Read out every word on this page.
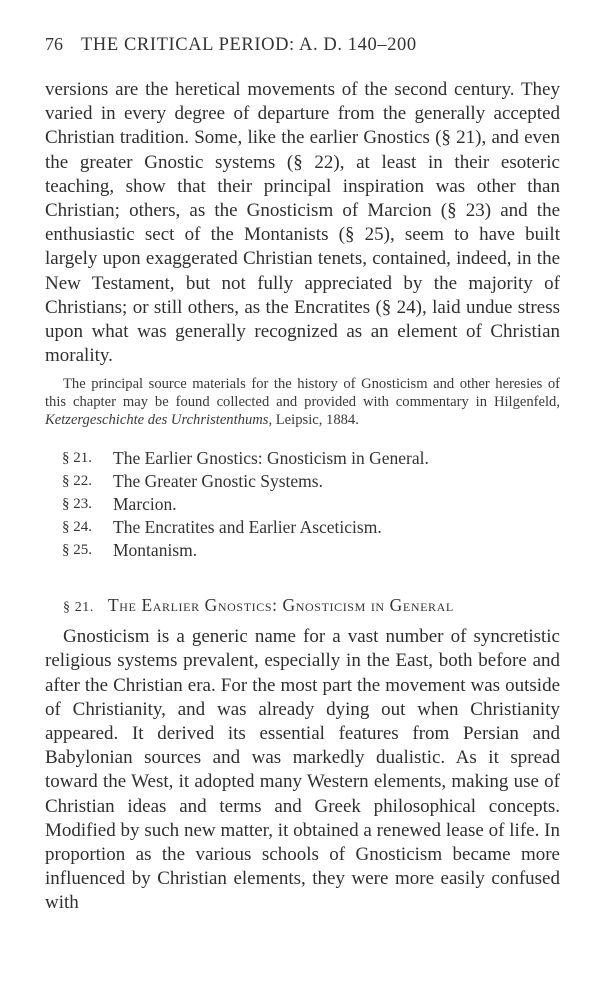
76 THE CRITICAL PERIOD: A. D. 140–200

versions are the heretical movements of the second century. They varied in every degree of departure from the generally accepted Christian tradition. Some, like the earlier Gnostics (§ 21), and even the greater Gnostic systems (§ 22), at least in their esoteric teaching, show that their principal inspiration was other than Christian; others, as the Gnosticism of Marcion (§ 23) and the enthusiastic sect of the Montanists (§ 25), seem to have built largely upon exaggerated Christian tenets, contained, indeed, in the New Testament, but not fully appreciated by the majority of Christians; or still others, as the Encratites (§ 24), laid undue stress upon what was generally recognized as an element of Christian morality.

The principal source materials for the history of Gnosticism and other heresies of this chapter may be found collected and provided with commentary in Hilgenfeld, Ketzergeschichte des Urchristenthums, Leipsic, 1884.

§ 21.	The Earlier Gnostics: Gnosticism in General.
§ 22.	The Greater Gnostic Systems.
§ 23.	Marcion.
§ 24.	The Encratites and Earlier Asceticism.
§ 25.	Montanism.
§ 21. The Earlier Gnostics: Gnosticism in General

Gnosticism is a generic name for a vast number of syncretistic religious systems prevalent, especially in the East, both before and after the Christian era. For the most part the movement was outside of Christianity, and was already dying out when Christianity appeared. It derived its essential features from Persian and Babylonian sources and was markedly dualistic. As it spread toward the West, it adopted many Western elements, making use of Christian ideas and terms and Greek philosophical concepts. Modified by such new matter, it obtained a renewed lease of life. In proportion as the various schools of Gnosticism became more influenced by Christian elements, they were more easily confused with
